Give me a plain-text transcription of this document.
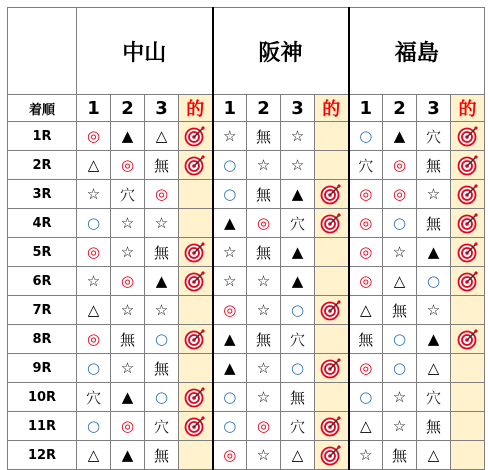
	中山				阪神				福島			
着順	1	2	3	的	1	2	3	的	1	2	3	的
1R	◎	▲	△		☆	無	☆		○	▲	穴	
2R	△	◎	無		○	☆	☆		穴	◎	無	
3R	☆	穴	◎		○	無	▲		◎	◎	☆	
4R	○	☆	☆		▲	◎	穴		◎	○	無	
5R	◎	☆	無		☆	無	▲		◎	☆	▲	
6R	☆	◎	▲		☆	☆	▲		◎	△	○	
7R	△	☆	☆		◎	☆	○		△	無	☆	
8R	◎	無	○		▲	無	穴		無	○	▲	
9R	○	☆	無		▲	☆	○		◎	○	△	
10R	穴	▲	○		○	☆	無		○	☆	穴	
11R	○	◎	穴		○	◎	穴		△	☆	無	
12R	△	▲	無		◎	☆	△		☆	無	△	
